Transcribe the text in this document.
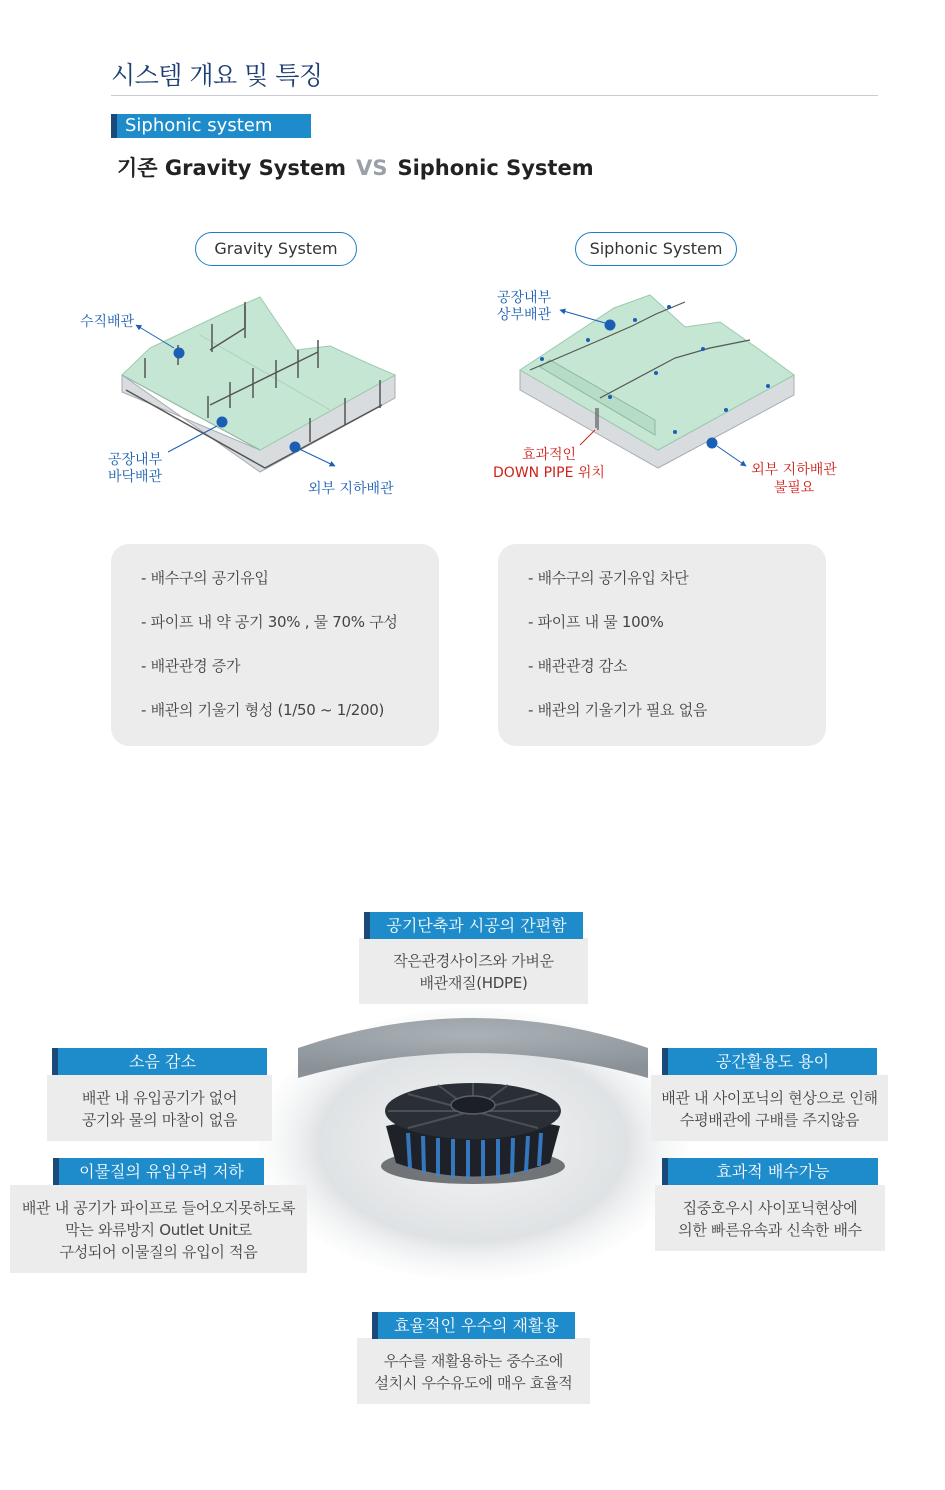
시스템 개요 및 특징
Siphonic system
기존 Gravity System VS Siphonic System
Gravity System	Siphonic System
수직배관
공장내부
바닥배관
외부 지하배관
공장내부
상부배관
효과적인
DOWN PIPE 위치	외부 지하배관
불필요
- 배수구의 공기유입
- 파이프 내 약 공기 30% , 물 70% 구성
- 배관관경 증가
- 배관의 기울기 형성 (1/50 ~ 1/200)
- 배수구의 공기유입 차단
- 파이프 내 물 100%
- 배관관경 감소
- 배관의 기울기가 필요 없음
공기단축과 시공의 간편함
작은관경사이즈와 가벼운
배관재질(HDPE)
소음 감소
배관 내 유입공기가 없어
공기와 물의 마찰이 없음
이물질의 유입우려 저하
배관 내 공기가 파이프로 들어오지못하도록
막는 와류방지 Outlet Unit로
구성되어 이물질의 유입이 적음
공간활용도 용이
배관 내 사이포닉의 현상으로 인해
수평배관에 구배를 주지않음
효과적 배수가능
집중호우시 사이포닉현상에
의한 빠른유속과 신속한 배수
효율적인 우수의 재활용
우수를 재활용하는 중수조에
설치시 우수유도에 매우 효율적
